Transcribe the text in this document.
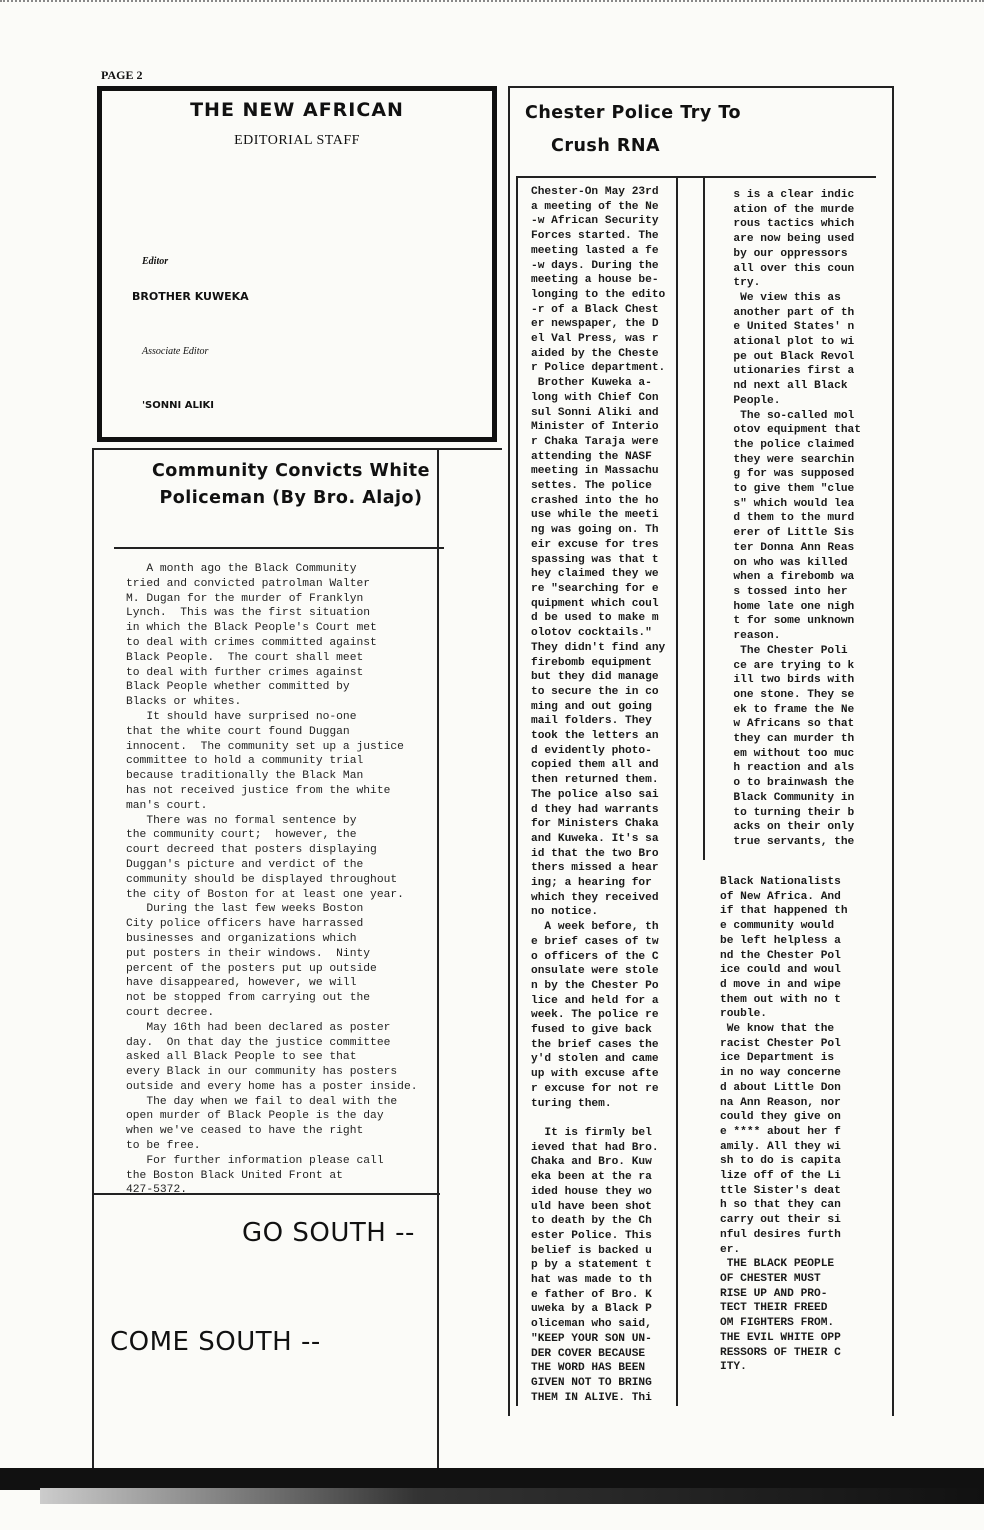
PAGE 2
THE NEW AFRICAN
EDITORIAL STAFF
Editor
BROTHER KUWEKA
Associate Editor
'SONNI ALIKI
Community Convicts White Policeman (By Bro. Alajo)
A month ago the Black Community
tried and convicted patrolman Walter
M. Dugan for the murder of Franklyn
Lynch.  This was the first situation
in which the Black People's Court met
to deal with crimes committed against
Black People.  The court shall meet
to deal with further crimes against
Black People whether committed by
Blacks or whites.
It should have surprised no-one
that the white court found Duggan
innocent.  The community set up a justice
committee to hold a community trial
because traditionally the Black Man
has not received justice from the white
man's court.
There was no formal sentence by
the community court;  however, the
court decreed that posters displaying
Duggan's picture and verdict of the
community should be displayed throughout
the city of Boston for at least one year.
During the last few weeks Boston
City police officers have harrassed
businesses and organizations which
put posters in their windows.  Ninty
percent of the posters put up outside
have disappeared, however, we will
not be stopped from carrying out the
court decree.
May 16th had been declared as poster
day.  On that day the justice committee
asked all Black People to see that
every Black in our community has posters
outside and every home has a poster inside.
The day when we fail to deal with the
open murder of Black People is the day
when we've ceased to have the right
to be free.
For further information please call
the Boston Black United Front at
427-5372.
GO SOUTH --
COME SOUTH --
Chester Police Try To
Crush RNA
Chester-On May 23rd
a meeting of the Ne
-w African Security
Forces started. The
meeting lasted a fe
-w days. During the
meeting a house be-
longing to the edito
-r of a Black Chest
er newspaper, the D
el Val Press, was r
aided by the Cheste
r Police department.
Brother Kuweka a-
long with Chief Con
sul Sonni Aliki and
Minister of Interio
r Chaka Taraja were
attending the NASF
meeting in Massachu
settes. The police
crashed into the ho
use while the meeti
ng was going on. Th
eir excuse for tres
spassing was that t
hey claimed they we
re "searching for e
quipment which coul
d be used to make m
olotov cocktails."
They didn't find any
firebomb equipment
but they did manage
to secure the in co
ming and out going
mail folders. They
took the letters an
d evidently photo-
copied them all and
then returned them.
The police also sai
d they had warrants
for Ministers Chaka
and Kuweka. It's sa
id that the two Bro
thers missed a hear
ing; a hearing for
which they received
no notice.
A week before, th
e brief cases of tw
o officers of the C
onsulate were stole
n by the Chester Po
lice and held for a
week. The police re
fused to give back
the brief cases the
y'd stolen and came
up with excuse afte
r excuse for not re
turing them.

It is firmly bel
ieved that had Bro.
Chaka and Bro. Kuw
eka been at the ra
ided house they wo
uld have been shot
to death by the Ch
ester Police. This
belief is backed u
p by a statement t
hat was made to th
e father of Bro. K
uweka by a Black P
oliceman who said,
"KEEP YOUR SON UN-
DER COVER BECAUSE
THE WORD HAS BEEN
GIVEN NOT TO BRING
THEM IN ALIVE. Thi
s is a clear indic
ation of the murde
rous tactics which
are now being used
by our oppressors
all over this coun
try.
We view this as
another part of th
e United States' n
ational plot to wi
pe out Black Revol
utionaries first a
nd next all Black
People.
The so-called mol
otov equipment that
the police claimed
they were searchin
g for was supposed
to give them "clue
s" which would lea
d them to the murd
erer of Little Sis
ter Donna Ann Reas
on who was killed
when a firebomb wa
s tossed into her
home late one nigh
t for some unknown
reason.
The Chester Poli
ce are trying to k
ill two birds with
one stone. They se
ek to frame the Ne
w Africans so that
they can murder th
em without too muc
h reaction and als
o to brainwash the
Black Community in
to turning their b
acks on their only
true servants, the
Black Nationalists
of New Africa. And
if that happened th
e community would
be left helpless a
nd the Chester Pol
ice could and woul
d move in and wipe
them out with no t
rouble.
We know that the
racist Chester Pol
ice Department is
in no way concerne
d about Little Don
na Ann Reason, nor
could they give on
e **** about her f
amily. All they wi
sh to do is capita
lize off of the Li
ttle Sister's deat
h so that they can
carry out their si
nful desires furth
er.
THE BLACK PEOPLE
OF CHESTER MUST
RISE UP AND PRO-
TECT THEIR FREED
OM FIGHTERS FROM.
THE EVIL WHITE OPP
RESSORS OF THEIR C
ITY.
